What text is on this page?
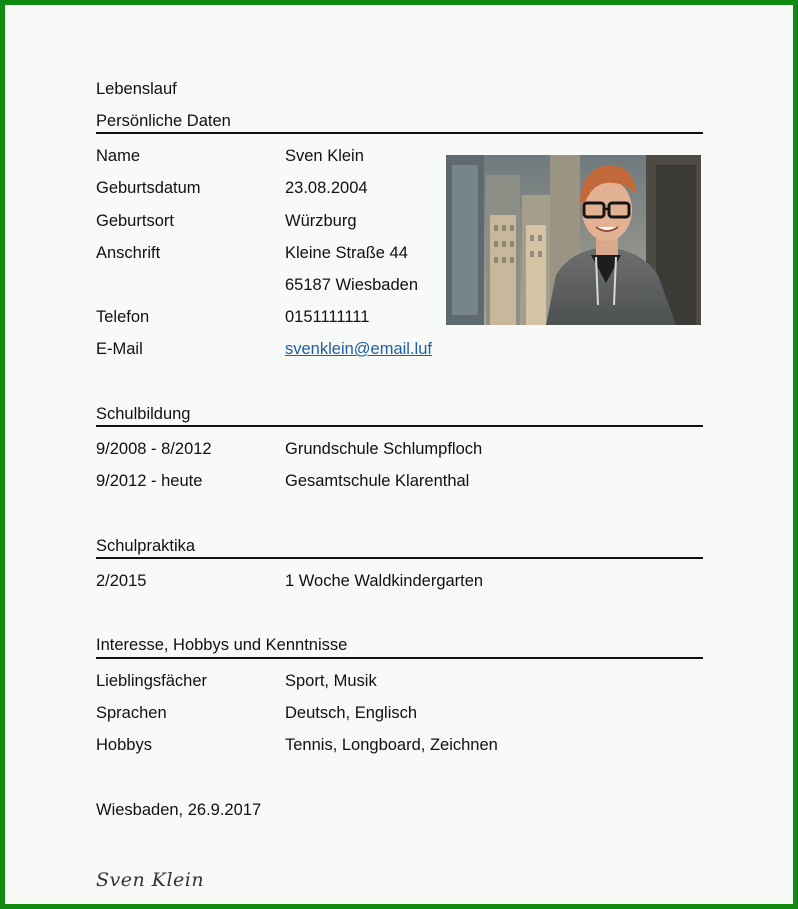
Lebenslauf
Persönliche Daten
Name	Sven Klein
Geburtsdatum	23.08.2004
Geburtsort	Würzburg
Anschrift	Kleine Straße 44
65187 Wiesbaden
Telefon	0151111111
E-Mail	svenklein@email.luf
Schulbildung
9/2008 - 8/2012	Grundschule Schlumpfloch
9/2012 - heute	Gesamtschule Klarenthal
Schulpraktika
2/2015	1 Woche Waldkindergarten
Interesse, Hobbys und Kenntnisse
Lieblingsfächer	Sport, Musik
Sprachen	Deutsch, Englisch
Hobbys	Tennis, Longboard, Zeichnen
Wiesbaden, 26.9.2017
Sven Klein
